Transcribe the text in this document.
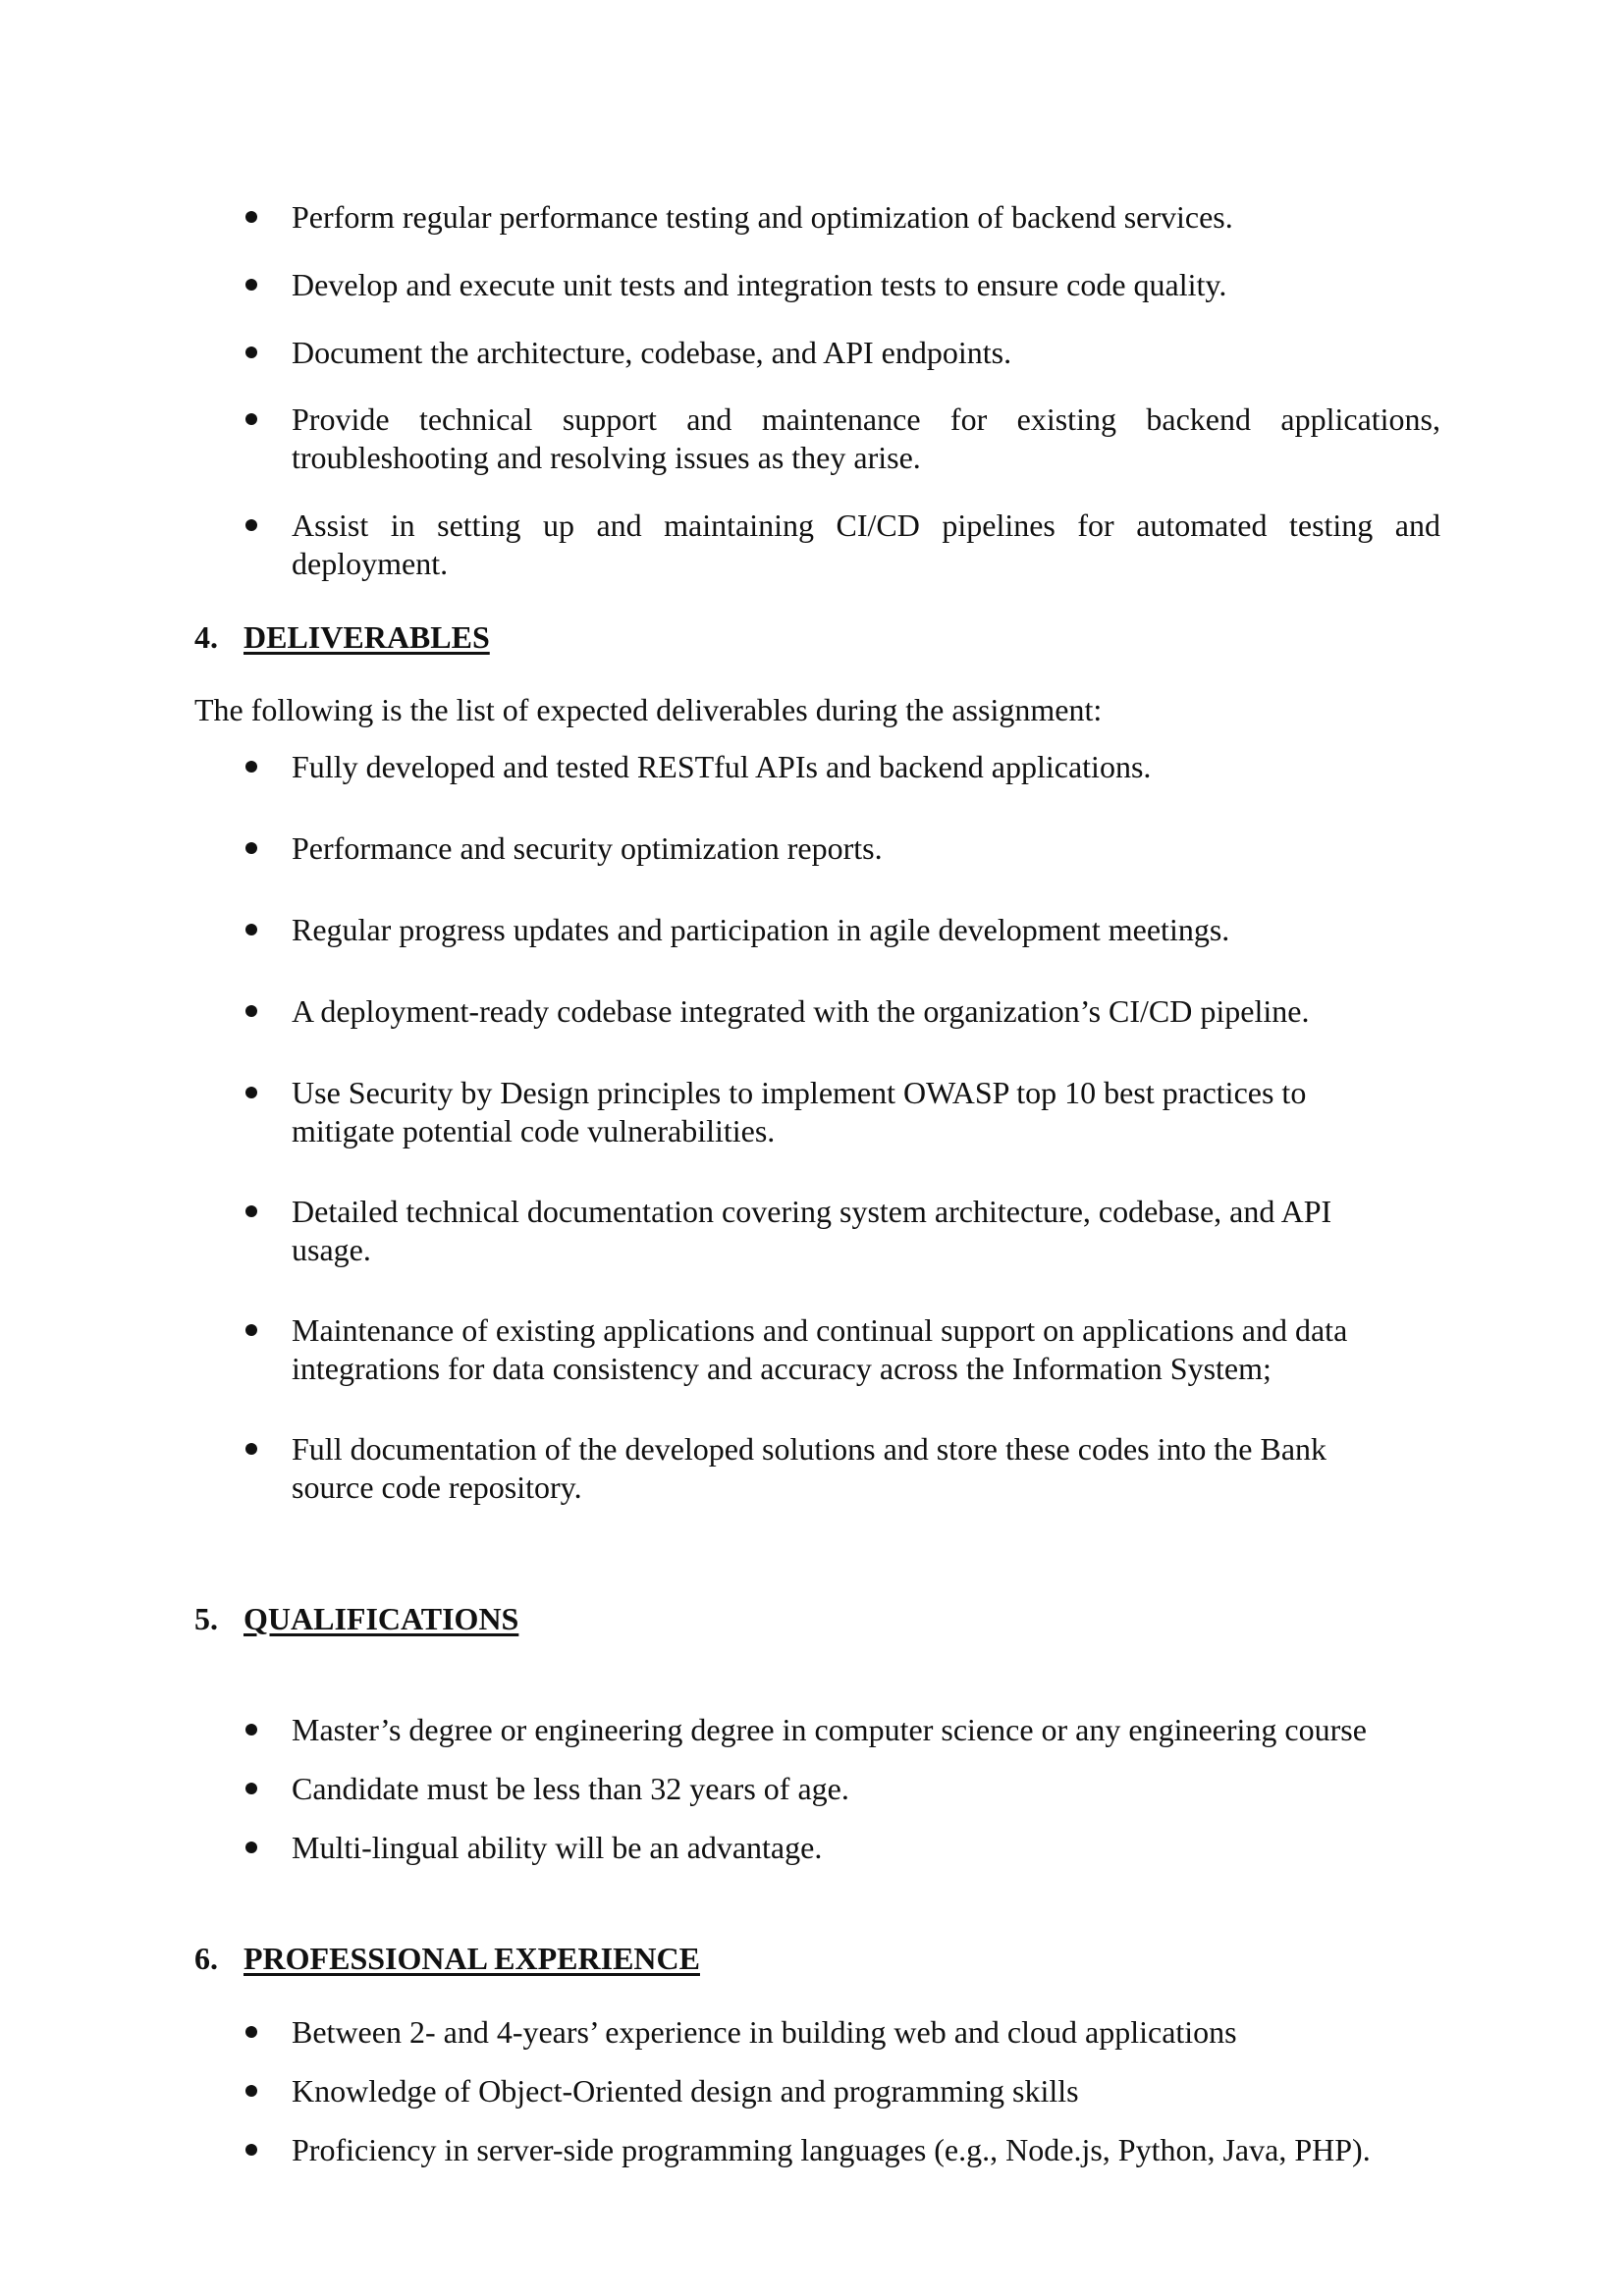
Perform regular performance testing and optimization of backend services.

Develop and execute unit tests and integration tests to ensure code quality.

Document the architecture, codebase, and API endpoints.

Provide technical support and maintenance for existing backend applications, troubleshooting and resolving issues as they arise.

Assist in setting up and maintaining CI/CD pipelines for automated testing and deployment.

4. DELIVERABLES

The following is the list of expected deliverables during the assignment:

Fully developed and tested RESTful APIs and backend applications.

Performance and security optimization reports.

Regular progress updates and participation in agile development meetings.

A deployment-ready codebase integrated with the organization’s CI/CD pipeline.

Use Security by Design principles to implement OWASP top 10 best practices to mitigate potential code vulnerabilities.

Detailed technical documentation covering system architecture, codebase, and API usage.

Maintenance of existing applications and continual support on applications and data integrations for data consistency and accuracy across the Information System;

Full documentation of the developed solutions and store these codes into the Bank source code repository.

5. QUALIFICATIONS

Master’s degree or engineering degree in computer science or any engineering course

Candidate must be less than 32 years of age.

Multi-lingual ability will be an advantage.

6. PROFESSIONAL EXPERIENCE

Between 2- and 4-years’ experience in building web and cloud applications

Knowledge of Object-Oriented design and programming skills

Proficiency in server-side programming languages (e.g., Node.js, Python, Java, PHP).
